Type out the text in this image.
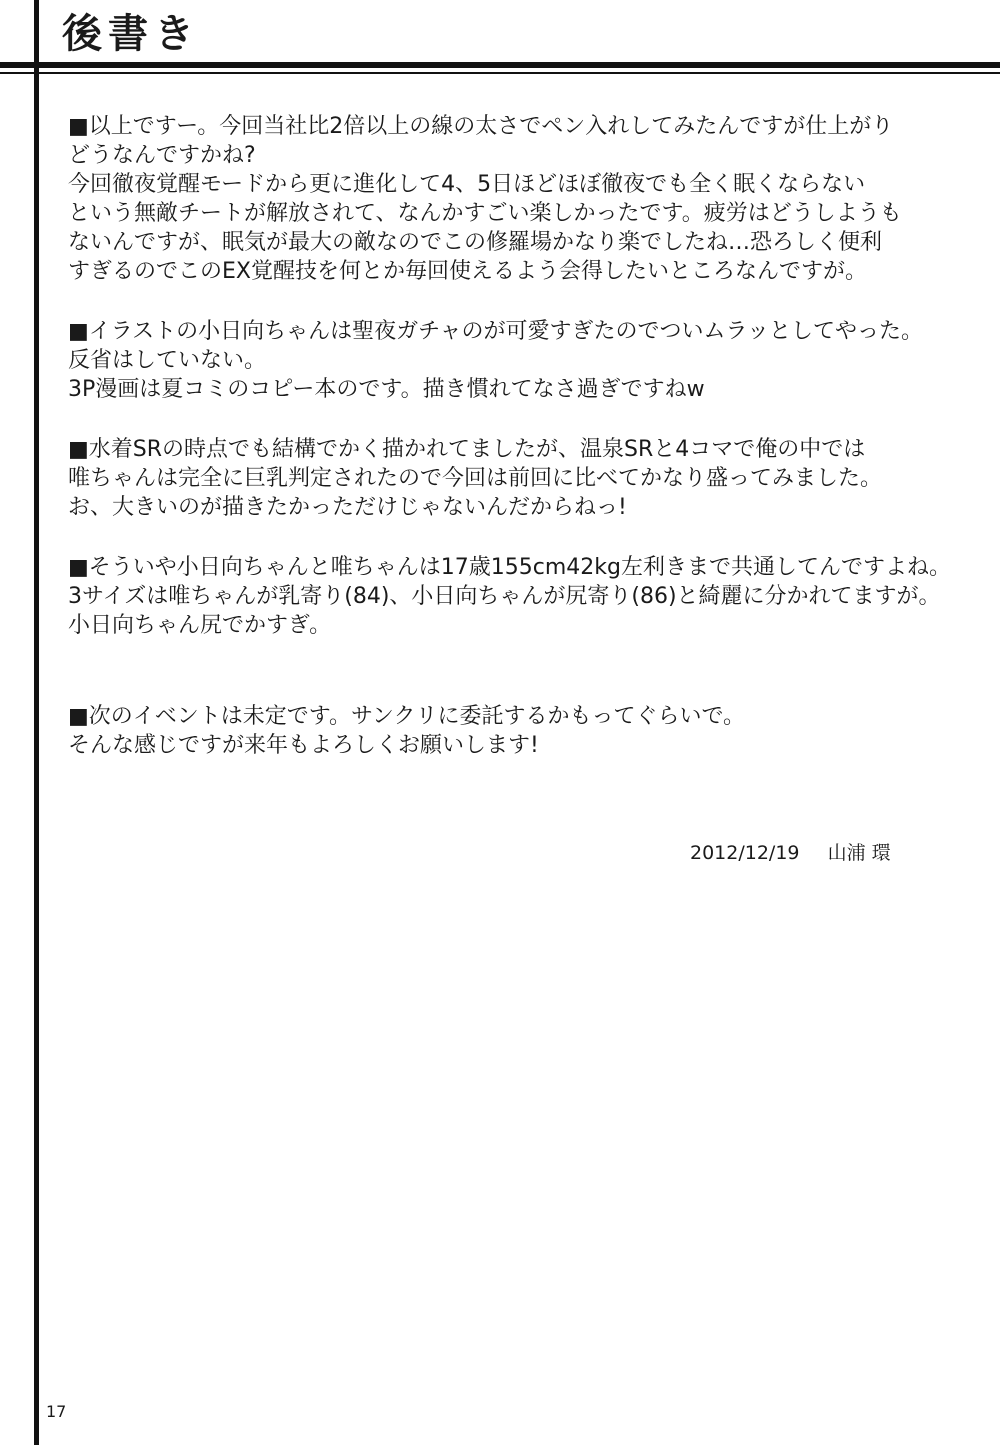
後書き
■以上ですー。今回当社比2倍以上の線の太さでペン入れしてみたんですが仕上がり
どうなんですかね?
今回徹夜覚醒モードから更に進化して4、5日ほどほぼ徹夜でも全く眠くならない
という無敵チートが解放されて、なんかすごい楽しかったです。疲労はどうしようも
ないんですが、眠気が最大の敵なのでこの修羅場かなり楽でしたね…恐ろしく便利
すぎるのでこのEX覚醒技を何とか毎回使えるよう会得したいところなんですが。
■イラストの小日向ちゃんは聖夜ガチャのが可愛すぎたのでついムラッとしてやった。
反省はしていない。
3P漫画は夏コミのコピー本のです。描き慣れてなさ過ぎですねw
■水着SRの時点でも結構でかく描かれてましたが、温泉SRと4コマで俺の中では
唯ちゃんは完全に巨乳判定されたので今回は前回に比べてかなり盛ってみました。
お、大きいのが描きたかっただけじゃないんだからねっ!
■そういや小日向ちゃんと唯ちゃんは17歳155cm42kg左利きまで共通してんですよね。
3サイズは唯ちゃんが乳寄り(84)、小日向ちゃんが尻寄り(86)と綺麗に分かれてますが。
小日向ちゃん尻でかすぎ。
■次のイベントは未定です。サンクリに委託するかもってぐらいで。
そんな感じですが来年もよろしくお願いします!
2012/12/19 山浦 環
17
